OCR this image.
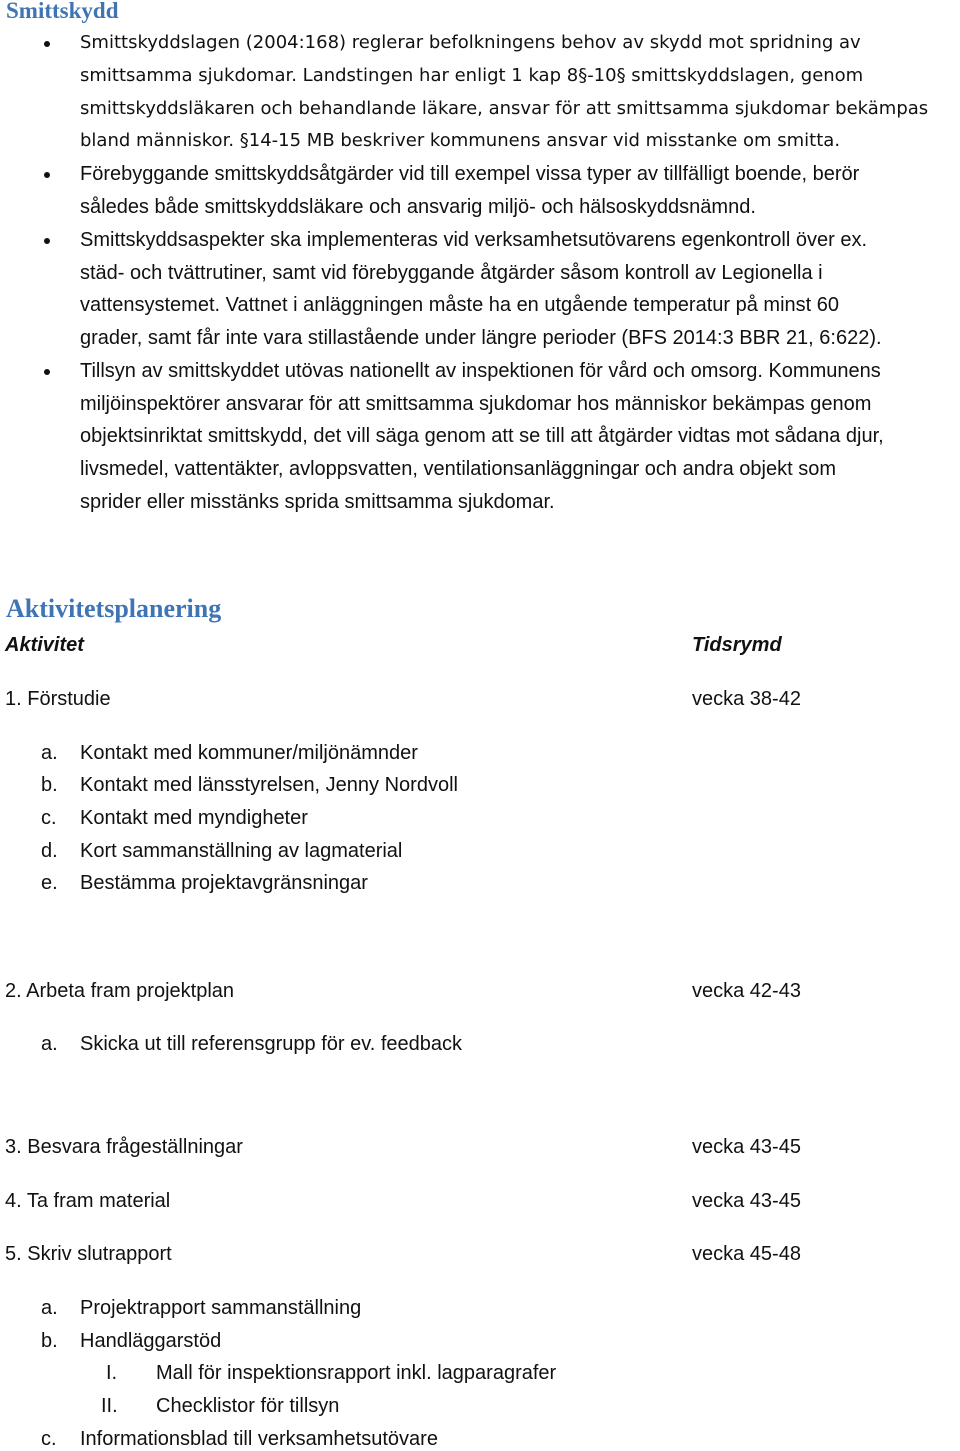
Smittskydd
Smittskyddslagen (2004:168) reglerar befolkningens behov av skydd mot spridning av
smittsamma sjukdomar. Landstingen har enligt 1 kap 8§-10§ smittskyddslagen, genom
smittskyddsläkaren och behandlande läkare, ansvar för att smittsamma sjukdomar bekämpas
bland människor. §14-15 MB beskriver kommunens ansvar vid misstanke om smitta.
Förebyggande smittskyddsåtgärder vid till exempel vissa typer av tillfälligt boende, berör
således både smittskyddsläkare och ansvarig miljö- och hälsoskyddsnämnd.
Smittskyddsaspekter ska implementeras vid verksamhetsutövarens egenkontroll över ex.
städ- och tvättrutiner, samt vid förebyggande åtgärder såsom kontroll av Legionella i
vattensystemet. Vattnet i anläggningen måste ha en utgående temperatur på minst 60
grader, samt får inte vara stillastående under längre perioder (BFS 2014:3 BBR 21, 6:622).
Tillsyn av smittskyddet utövas nationellt av inspektionen för vård och omsorg. Kommunens
miljöinspektörer ansvarar för att smittsamma sjukdomar hos människor bekämpas genom
objektsinriktat smittskydd, det vill säga genom att se till att åtgärder vidtas mot sådana djur,
livsmedel, vattentäkter, avloppsvatten, ventilationsanläggningar och andra objekt som
sprider eller misstänks sprida smittsamma sjukdomar.
Aktivitetsplanering
Aktivitet	Tidsrymd
1. Förstudie	vecka 38-42
a. Kontakt med kommuner/miljönämnder
b. Kontakt med länsstyrelsen, Jenny Nordvoll
c. Kontakt med myndigheter
d. Kort sammanställning av lagmaterial
e. Bestämma projektavgränsningar
2. Arbeta fram projektplan	vecka 42-43
a. Skicka ut till referensgrupp för ev. feedback
3. Besvara frågeställningar	vecka 43-45
4. Ta fram material	vecka 43-45
5. Skriv slutrapport	vecka 45-48
a. Projektrapport sammanställning
b. Handläggarstöd
I. Mall för inspektionsrapport inkl. lagparagrafer
II. Checklistor för tillsyn
c. Informationsblad till verksamhetsutövare
